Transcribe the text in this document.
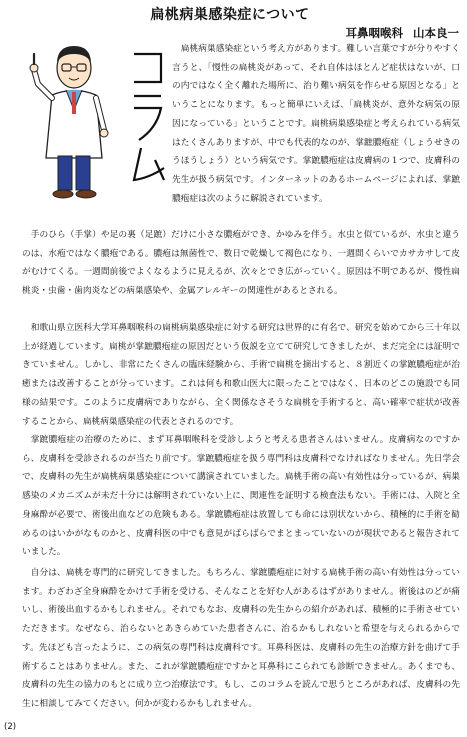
扁桃病巣感染症について
耳鼻咽喉科 山本良一

扁桃病巣感染症という考え方があります。難しい言葉ですが分りやすく言うと、「慢性の扁桃炎があって、それ自体はほとんど症状はないが、口の内ではなく全く離れた場所に、治り難い病気を作らせる原因となる」ということになります。もっと簡単にいえば、「扁桃炎が、意外な病気の原因になっている」ということです。扁桃病巣感染症と考えられている病気はたくさんありますが、中でも代表的なのが、掌蹠膿疱症（しょうせきのうほうしょう）という病気です。掌蹠膿疱症は皮膚病の１つで、皮膚科の先生が扱う病気です。インターネットのあるホームページによれば、掌蹠膿疱症は次のように解説されています。

手のひら（手掌）や足の裏（足蹠）だけに小さな膿疱ができ、かゆみを伴う。水虫と似ているが、水虫と違うのは、水疱ではなく膿疱である。膿疱は無菌性で、数日で乾燥して褐色になり、一週間くらいでカサカサして皮がむけてくる。一週間前後でよくなるように見えるが、次々とでき広がっていく。原因は不明であるが、慢性扁桃炎・虫歯・歯肉炎などの病巣感染や、金属アレルギーの関連性があるとされる。

和歌山県立医科大学耳鼻咽喉科の扁桃病巣感染症に対する研究は世界的に有名で、研究を始めてから三十年以上が経過しています。扁桃が掌蹠膿疱症の原因だという仮説を立てて研究してきましたが、まだ完全には証明できていません。しかし、非常にたくさんの臨床経験から、手術で扁桃を摘出すると、８割近くの掌蹠膿疱症が治癒または改善することが分っています。これは何も和歌山医大に限ったことではなく、日本のどこの施設でも同様の結果です。このように皮膚病でありながら、全く関係なさそうな扁桃を手術すると、高い確率で症状が改善することから、扁桃病巣感染症の代表とされるのです。

掌蹠膿疱症の治療のために、まず耳鼻咽喉科を受診しようと考える患者さんはいません。皮膚病なのですから、皮膚科を受診されるのが当たり前です。掌蹠膿疱症を扱う専門科は皮膚科でなければなりません。先日学会で、皮膚科の先生が扁桃病巣感染症について講演されていました。扁桃手術の高い有効性は分っているが、病巣感染のメカニズムが未だ十分には解明されていない上に、関連性を証明する検査法もない。手術には、入院と全身麻酔が必要で、術後出血などの危険もある。掌蹠膿疱症は放置しても命には別状ないから、積極的に手術を勧めるのはいかがなものかと、皮膚科医の中でも意見がばらばらでまとまっていないのが現状であると報告されていました。

自分は、扁桃を専門的に研究してきました。もちろん、掌蹠膿疱症に対する扁桃手術の高い有効性は分っています。わざわざ全身麻酔をかけて手術を受ける、そんなことを好む人があるはずがありません。術後はのどが痛いし、術後出血するかもしれません。それでもなお、皮膚科の先生からの紹介があれば、積極的に手術させていただきます。なぜなら、治らないとあきらめていた患者さんに、治るかもしれないと希望を与えられるからです。先ほども言ったように、この病気の専門科は皮膚科です。耳鼻科医は、皮膚科の先生の治療方針を曲げて手術することはありません。また、これが掌蹠膿疱症ですかと耳鼻科にこられても診断できません。あくまでも、皮膚科の先生の協力のもとに成り立つ治療法です。もし、このコラムを読んで思うところがあれば、皮膚科の先生に相談してみてください。何かが変わるかもしれません。

(2)
